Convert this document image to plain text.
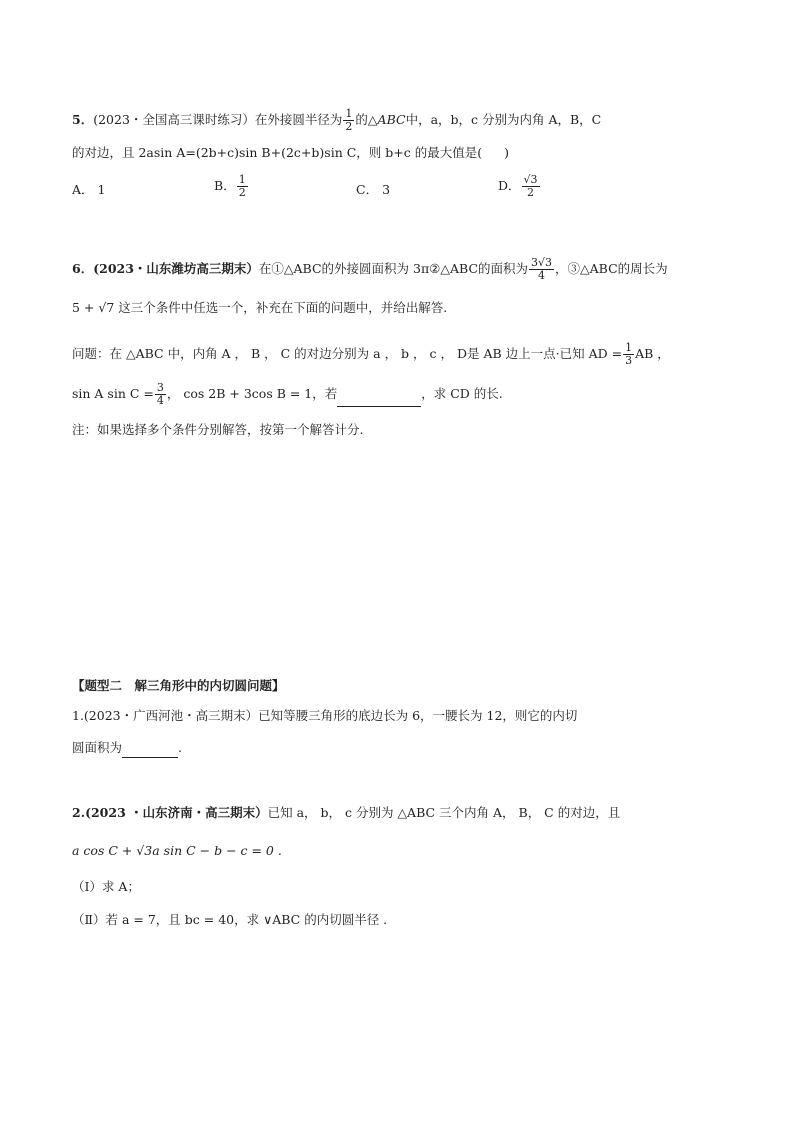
5．(2023・全国高三课时练习）在外接圆半径为 $\frac{1}{2}$ 的△ABC中，a，b，c 分别为内角 A，B，C
的对边，且 2asin A=(2b+c)sin B+(2c+b)sin C，则 b+c 的最大值是( )
A． 1	B． $\frac{1}{2}$	C． 3	D． $\frac{√3}{2}$
6．(2023・山东潍坊高三期末）在①△ABC的外接圆面积为 3π②△ABC的面积为 $\frac{3√3}{4}$ ，③△ABC的周长为
5 + √7 这三个条件中任选一个，补充在下面的问题中，并给出解答.
问题：在 △ABC 中，内角 A ， B ， C 的对边分别为 a ， b ， c ， D是 AB 边上一点·已知 AD = $\frac{1}{3}$ AB ，
sin A $\sin C = \frac{3}{4}$ ， cos 2B + 3cos B = 1，若	，求 CD 的长.
注：如果选择多个条件分别解答，按第一个解答计分.
【题型二　解三角形中的内切圆问题】
1.(2023・广西河池・高三期末）已知等腰三角形的底边长为 6，一腰长为 12，则它的内切
圆面积为	.
2.(2023 ・山东济南・高三期末）已知 a， b， c 分别为 △ABC 三个内角 A， B， C 的对边，且
a cos C + √3a sin C − b − c = 0 .
（Ⅰ）求 A；
（Ⅱ）若 a = 7，且 bc = 40，求 ∨ABC 的内切圆半径 .
